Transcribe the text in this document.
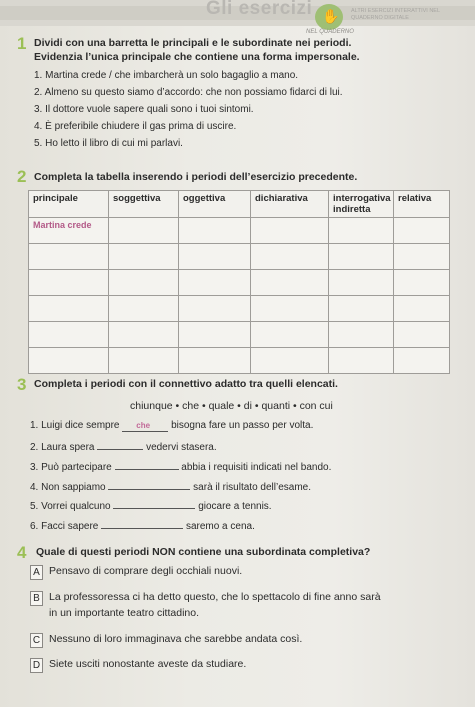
Gli esercizi ✋
NEL QUADERNO
ALTRI ESERCIZI INTERATTIVI NEL QUADERNO DIGITALE
1 Dividi con una barretta le principali e le subordinate nei periodi.
Evidenzia l’unica principale che contiene una forma impersonale.
1. Martina crede / che imbarcherà un solo bagaglio a mano.
2. Almeno su questo siamo d’accordo: che non possiamo fidarci di lui.
3. Il dottore vuole sapere quali sono i tuoi sintomi.
4. È preferibile chiudere il gas prima di uscire.
5. Ho letto il libro di cui mi parlavi.
2 Completa la tabella inserendo i periodi dell’esercizio precedente.
principale	soggettiva	oggettiva	dichiarativa	interrogativa indiretta	relativa
Martina crede					

3 Completa i periodi con il connettivo adatto tra quelli elencati.
chiunque • che • quale • di • quanti • con cui
1. Luigi dice sempre che bisogna fare un passo per volta.
2. Laura spera	vedervi stasera.
3. Può partecipare	abbia i requisiti indicati nel bando.
4. Non sappiamo	sarà il risultato dell’esame.
5. Vorrei qualcuno	giocare a tennis.
6. Facci sapere	saremo a cena.
4 Quale di questi periodi NON contiene una subordinata completiva?
A Pensavo di comprare degli occhiali nuovi.
B La professoressa ci ha detto questo, che lo spettacolo di fine anno sarà
in un importante teatro cittadino.
C Nessuno di loro immaginava che sarebbe andata così.
D Siete usciti nonostante aveste da studiare.
